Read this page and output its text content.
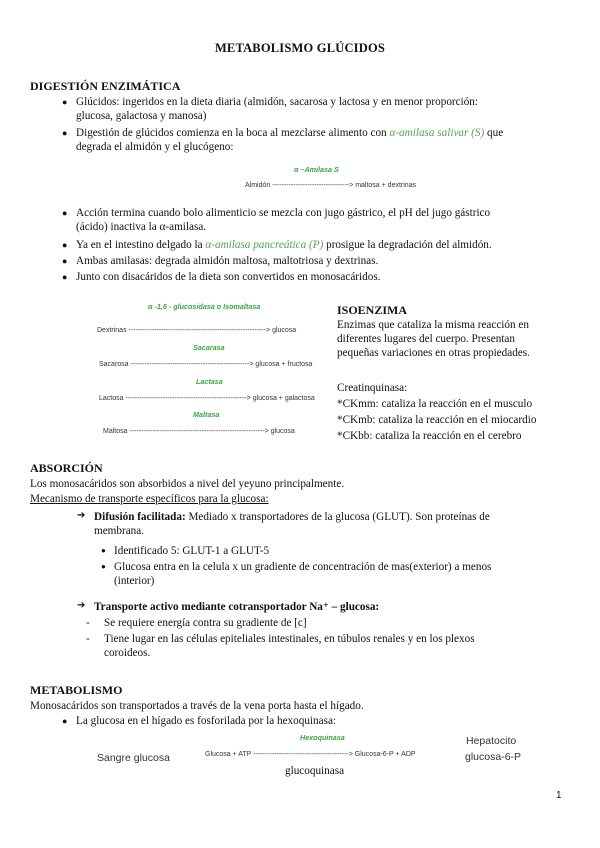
METABOLISMO GLÚCIDOS
DIGESTIÓN ENZIMÁTICA
● Glúcidos: ingeridos en la dieta diaria (almidón, sacarosa y lactosa y en menor proporción:
glucosa, galactosa y manosa)
● Digestión de glúcidos comienza en la boca al mezclarse alimento con α-amilasa salivar (S) que
degrada el almidón y el glucógeno:
α –Amilasa S
Almidón ---------------------------------> maltosa + dextrinas
● Acción termina cuando bolo alimenticio se mezcla con jugo gástrico, el pH del jugo gástrico
(ácido) inactiva la α-amilasa.
● Ya en el intestino delgado la α-amilasa pancreática (P) prosigue la degradación del almidón.
● Ambas amilasas: degrada almidón maltosa, maltotriosa y dextrinas.
● Junto con disacáridos de la dieta son convertidos en monosacáridos.
α -1,6 - glucosidasa o Isomaltasa
Dextrinas -----------------------------------------------------------> glucosa
Sacarasa
Sacarosa ---------------------------------------------------> glucosa + fructosa
Lactasa
Lactosa ----------------------------------------------------> glucosa + galactosa
Maltasa
Maltosa ----------------------------------------------------------> glucosa
ISOENZIMA
Enzimas que cataliza la misma reacción en
diferentes lugares del cuerpo. Presentan
pequeñas variaciones en otras propiedades.
Creatinquinasa:
*CKmm: cataliza la reacción en el musculo
*CKmb: cataliza la reacción en el miocardio
*CKbb: cataliza la reacción en el cerebro
ABSORCIÓN
Los monosacáridos son absorbidos a nivel del yeyuno principalmente.
Mecanismo de transporte específicos para la glucosa:
➔ Difusión facilitada: Mediado x transportadores de la glucosa (GLUT). Son proteínas de
membrana.
● Identificado 5: GLUT-1 a GLUT-5
● Glucosa entra en la celula x un gradiente de concentración de mas(exterior) a menos
(interior)
➔ Transporte activo mediante cotransportador Na⁺ – glucosa:
-	Se requiere energía contra su gradiente de [c]
-	Tiene lugar en las células epiteliales intestinales, en túbulos renales y en los plexos
coroideos.
METABOLISMO
Monosacáridos son transportados a través de la vena porta hasta el hígado.
● La glucosa en el hígado es fosforilada por la hexoquinasa:
Hexoquinasa
Sangre glucosa	Glucosa + ATP -----------------------------------------> Glucosa-6-P + ADP
glucoquinasa
Hepatocito
glucosa-6-P
1
